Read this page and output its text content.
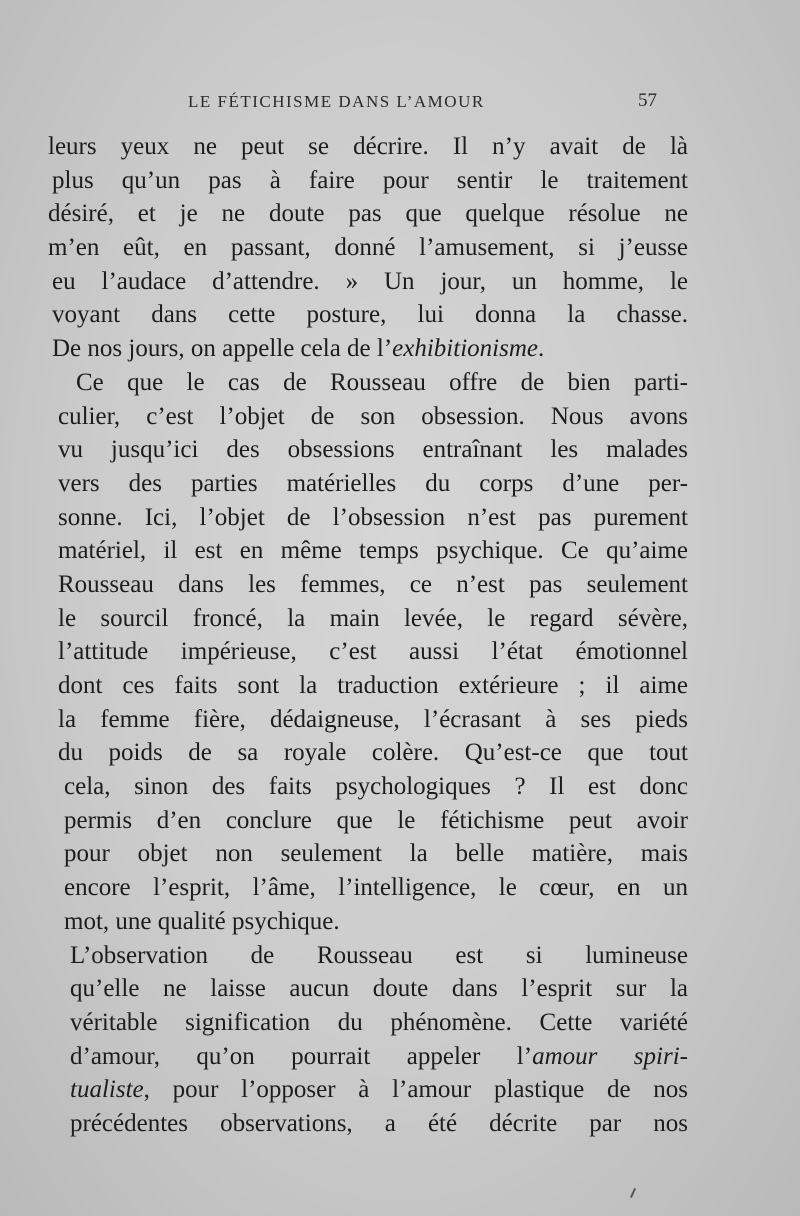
LE FÉTICHISME DANS L’AMOUR	57
leurs yeux ne peut se décrire. Il n’y avait de là
plus qu’un pas à faire pour sentir le traitement
désiré, et je ne doute pas que quelque résolue ne
m’en eût, en passant, donné l’amusement, si j’eusse
eu l’audace d’attendre. » Un jour, un homme, le
voyant dans cette posture, lui donna la chasse.
De nos jours, on appelle cela de l’exhibitionisme.
Ce que le cas de Rousseau offre de bien parti-
culier, c’est l’objet de son obsession. Nous avons
vu jusqu’ici des obsessions entraînant les malades
vers des parties matérielles du corps d’une per-
sonne. Ici, l’objet de l’obsession n’est pas purement
matériel, il est en même temps psychique. Ce qu’aime
Rousseau dans les femmes, ce n’est pas seulement
le sourcil froncé, la main levée, le regard sévère,
l’attitude impérieuse, c’est aussi l’état émotionnel
dont ces faits sont la traduction extérieure ; il aime
la femme fière, dédaigneuse, l’écrasant à ses pieds
du poids de sa royale colère. Qu’est-ce que tout
cela, sinon des faits psychologiques ? Il est donc
permis d’en conclure que le fétichisme peut avoir
pour objet non seulement la belle matière, mais
encore l’esprit, l’âme, l’intelligence, le cœur, en un
mot, une qualité psychique.
L’observation de Rousseau est si lumineuse
qu’elle ne laisse aucun doute dans l’esprit sur la
véritable signification du phénomène. Cette variété
d’amour, qu’on pourrait appeler l’amour spiri-
tualiste, pour l’opposer à l’amour plastique de nos
précédentes observations, a été décrite par nos
